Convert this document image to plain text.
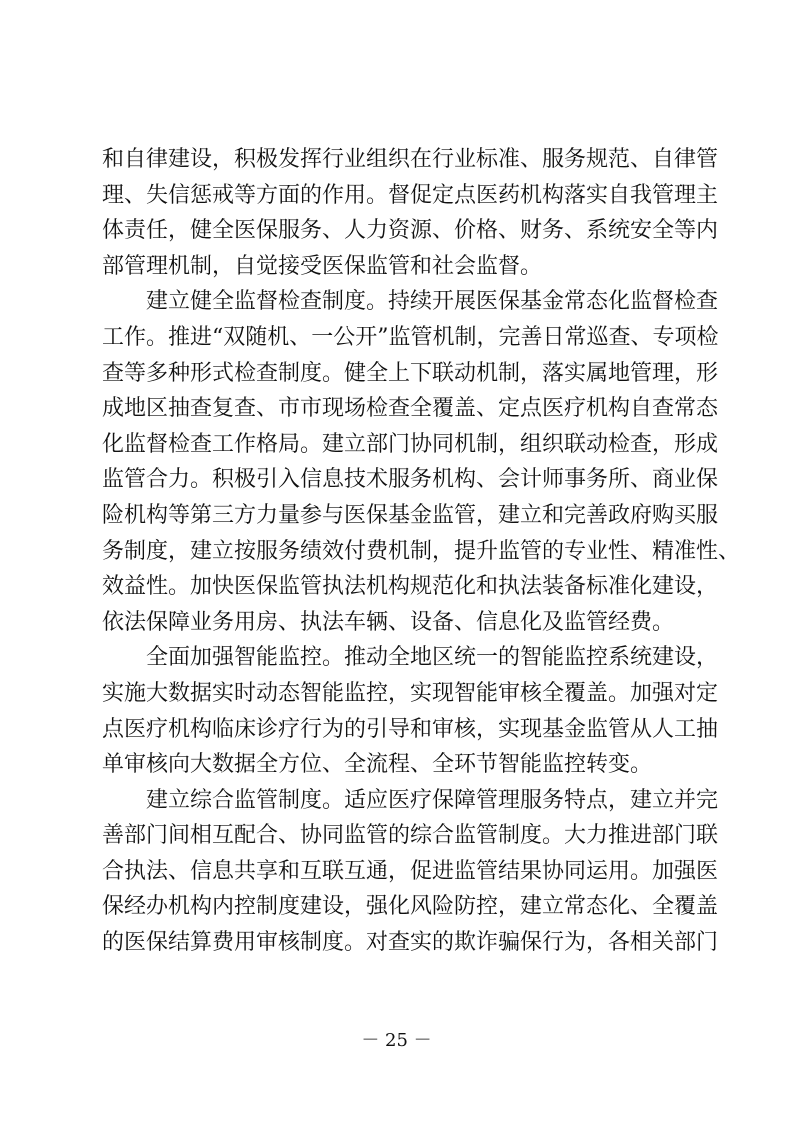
和自律建设，积极发挥行业组织在行业标准、服务规范、自律管
理、失信惩戒等方面的作用。督促定点医药机构落实自我管理主
体责任，健全医保服务、人力资源、价格、财务、系统安全等内
部管理机制，自觉接受医保监管和社会监督。
建立健全监督检查制度。持续开展医保基金常态化监督检查
工作。推进“双随机、一公开”监管机制，完善日常巡查、专项检
查等多种形式检查制度。健全上下联动机制，落实属地管理，形
成地区抽查复查、市市现场检查全覆盖、定点医疗机构自查常态
化监督检查工作格局。建立部门协同机制，组织联动检查，形成
监管合力。积极引入信息技术服务机构、会计师事务所、商业保
险机构等第三方力量参与医保基金监管，建立和完善政府购买服
务制度，建立按服务绩效付费机制，提升监管的专业性、精准性、
效益性。加快医保监管执法机构规范化和执法装备标准化建设，
依法保障业务用房、执法车辆、设备、信息化及监管经费。
全面加强智能监控。推动全地区统一的智能监控系统建设，
实施大数据实时动态智能监控，实现智能审核全覆盖。加强对定
点医疗机构临床诊疗行为的引导和审核，实现基金监管从人工抽
单审核向大数据全方位、全流程、全环节智能监控转变。
建立综合监管制度。适应医疗保障管理服务特点，建立并完
善部门间相互配合、协同监管的综合监管制度。大力推进部门联
合执法、信息共享和互联互通，促进监管结果协同运用。加强医
保经办机构内控制度建设，强化风险防控，建立常态化、全覆盖
的医保结算费用审核制度。对查实的欺诈骗保行为，各相关部门
－ 25 －
